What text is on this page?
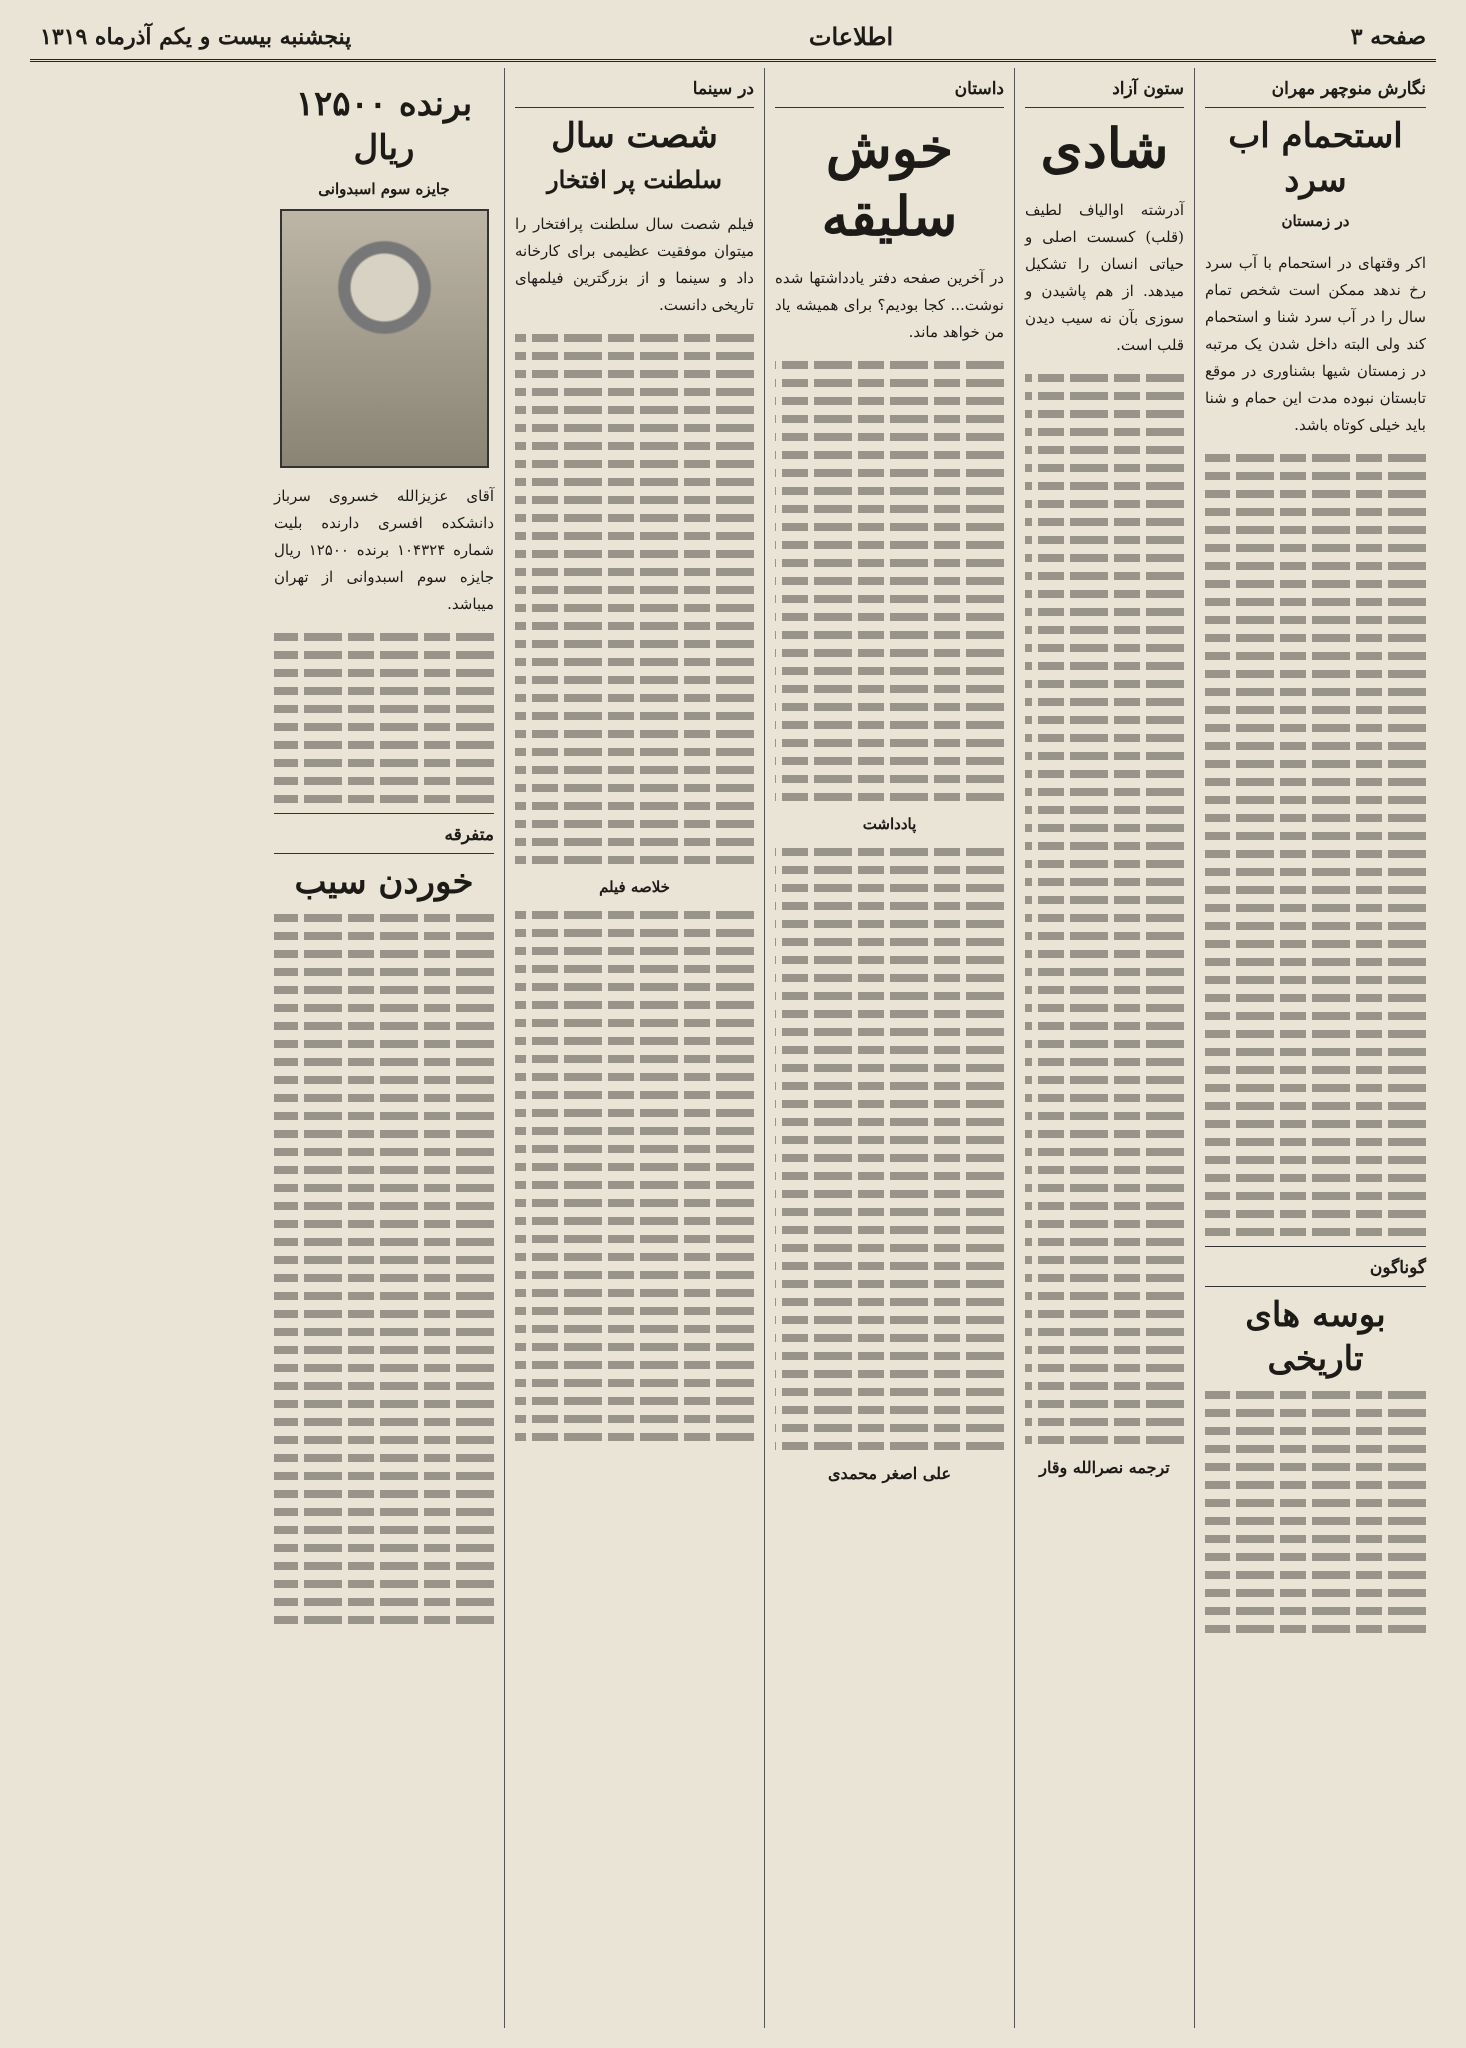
صفحه ۳
اطلاعات
پنجشنبه بیست و یکم آذرماه ۱۳۱۹
نگارش منوچهر مهران
استحمام اب سرد
در زمستان

اکر وقتهای در استحمام با آب سرد رخ ندهد ممکن است شخص تمام سال را در آب سرد شنا و استحمام کند ولی البته داخل شدن یک مرتبه در زمستان شیها بشناوری در موقع تابستان نبوده مدت این حمام و شنا باید خیلی کوتاه باشد.

گوناگون
بوسه های تاریخی
ستون آزاد
شادی

آدرشته اوالیاف لطیف (قلب) کسست اصلی و حیاتی انسان را تشکیل میدهد. از هم پاشیدن و سوزی بآن نه سیب دیدن قلب است.

ترجمه نصرالله وقار
داستان
خوش سلیقه

در آخرین صفحه دفتر یادداشتها شده نوشت... کجا بودیم؟ برای همیشه یاد من خواهد ماند.

پادداشت
علی اصغر محمدی
در سینما
شصت سال
سلطنت پر افتخار

فیلم شصت سال سلطنت پرافتخار را میتوان موفقیت عظیمی برای کارخانه داد و سینما و از بزرگترین فیلمهای تاریخی دانست.

خلاصه فیلم
برنده ۱۲۵۰۰ ریال
جایزه سوم اسبدوانی

آقای عزیزالله خسروی سرباز دانشکده افسری دارنده بلیت شماره ۱۰۴۳۲۴ برنده ۱۲۵۰۰ ریال جایزه سوم اسبدوانی از تهران میباشد.

متفرقه
خوردن سیب
